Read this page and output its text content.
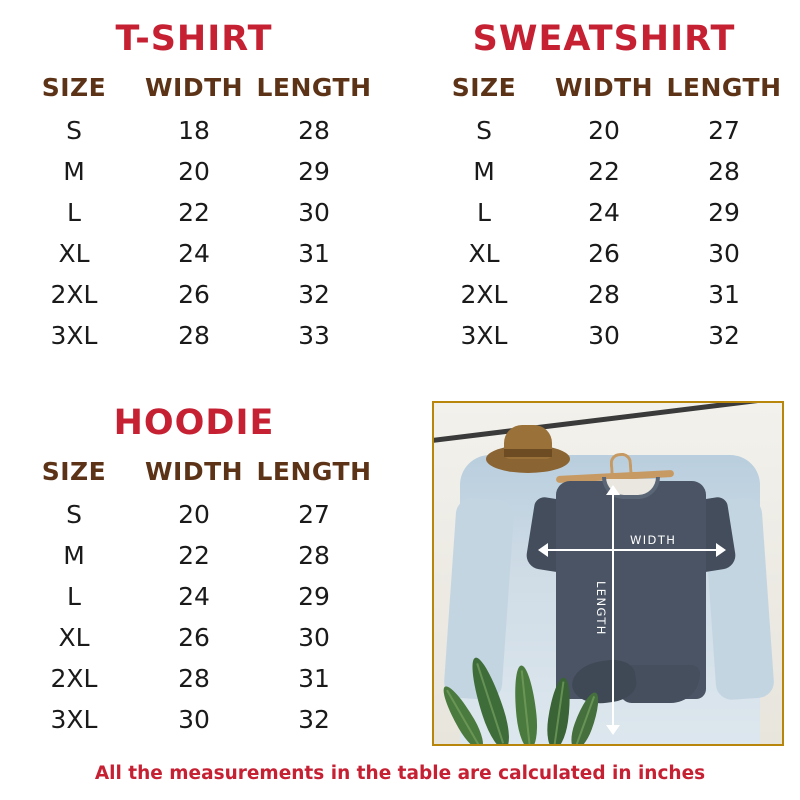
T-SHIRT
SIZE	WIDTH	LENGTH
S	18	28
M	20	29
L	22	30
XL	24	31
2XL	26	32
3XL	28	33
SWEATSHIRT
SIZE	WIDTH	LENGTH
S	20	27
M	22	28
L	24	29
XL	26	30
2XL	28	31
3XL	30	32
HOODIE
SIZE	WIDTH	LENGTH
S	20	27
M	22	28
L	24	29
XL	26	30
2XL	28	31
3XL	30	32
WIDTH
LENGTH
All the measurements in the table are calculated in inches
